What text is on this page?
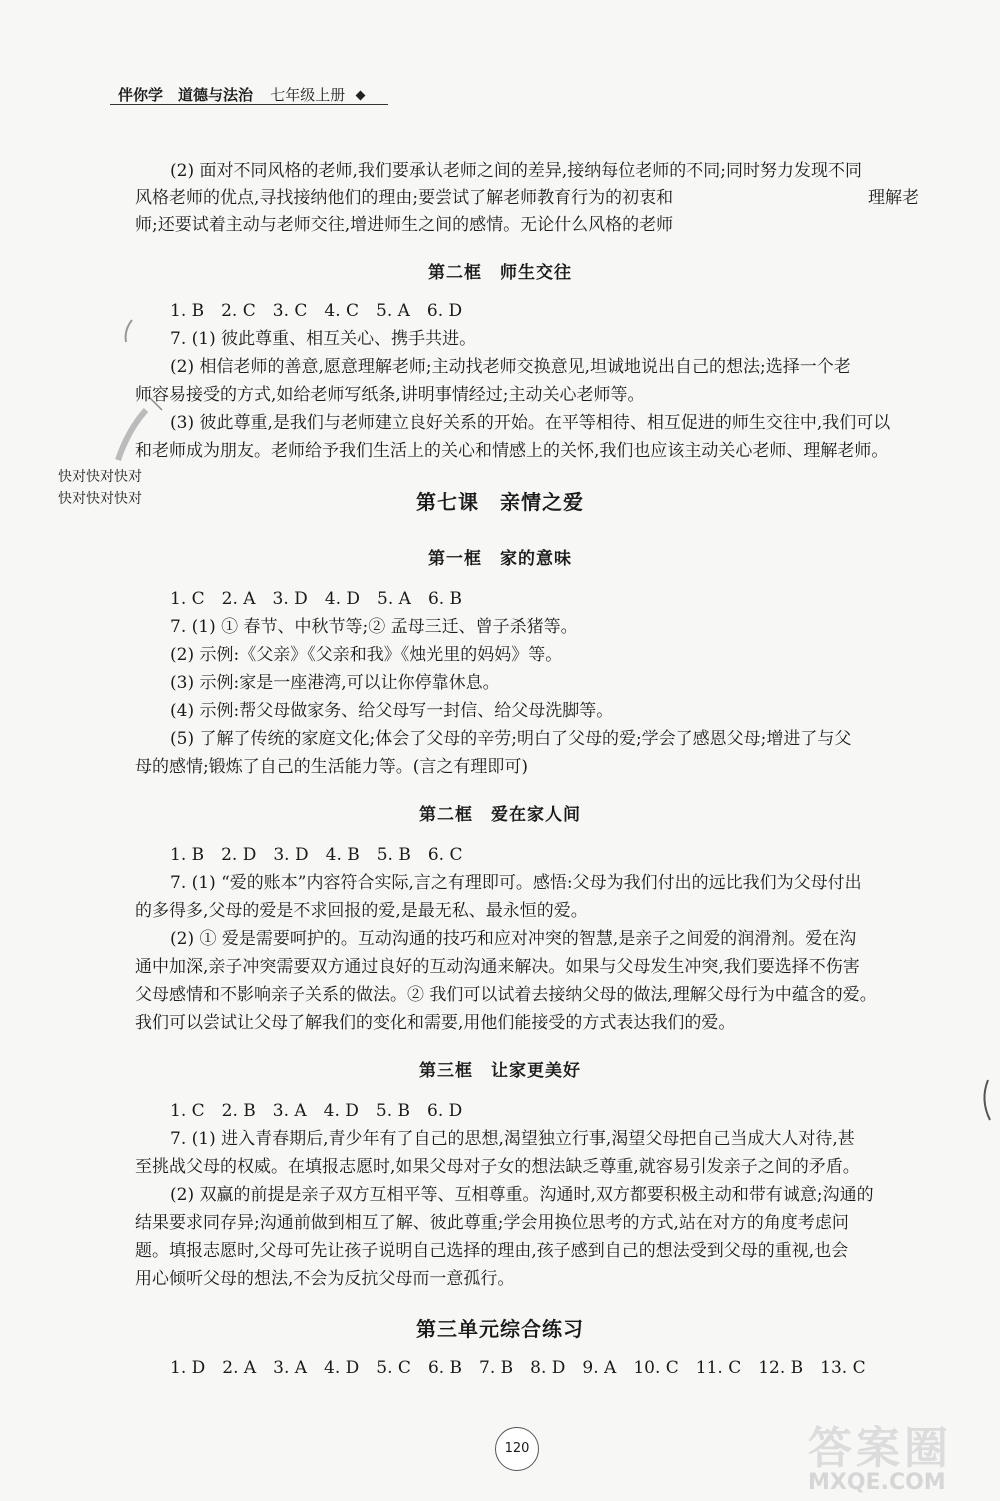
伴你学　道德与法治 七年级上册
快对快对快对
快对快对快对
(2) 面对不同风格的老师,我们要承认老师之间的差异,接纳每位老师的不同;同时努力发现不同
风格老师的优点,寻找接纳他们的理由;要尝试了解老师教育行为的初衷和
师;还要试着主动与老师交往,增进师生之间的感情。无论什么风格的老师
1. B　2. C　3. C　4. C　5. A　6. D
7. (1) 彼此尊重、相互关心、携手共进。
(2) 相信老师的善意,愿意理解老师;主动找老师交换意见,坦诚地说出自己的想法;选择一个老
师容易接受的方式,如给老师写纸条,讲明事情经过;主动关心老师等。
(3) 彼此尊重,是我们与老师建立良好关系的开始。在平等相待、相互促进的师生交往中,我们可以
和老师成为朋友。老师给予我们生活上的关心和情感上的关怀,我们也应该主动关心老师、理解老师。
1. C　2. A　3. D　4. D　5. A　6. B
7. (1) ① 春节、中秋节等;② 孟母三迁、曾子杀猪等。
(2) 示例:《父亲》《父亲和我》《烛光里的妈妈》等。
(3) 示例:家是一座港湾,可以让你停靠休息。
(4) 示例:帮父母做家务、给父母写一封信、给父母洗脚等。
(5) 了解了传统的家庭文化;体会了父母的辛劳;明白了父母的爱;学会了感恩父母;增进了与父
母的感情;锻炼了自己的生活能力等。(言之有理即可)
1. B　2. D　3. D　4. B　5. B　6. C
7. (1) “爱的账本”内容符合实际,言之有理即可。感悟:父母为我们付出的远比我们为父母付出
的多得多,父母的爱是不求回报的爱,是最无私、最永恒的爱。
(2) ① 爱是需要呵护的。互动沟通的技巧和应对冲突的智慧,是亲子之间爱的润滑剂。爱在沟
通中加深,亲子冲突需要双方通过良好的互动沟通来解决。如果与父母发生冲突,我们要选择不伤害
父母感情和不影响亲子关系的做法。② 我们可以试着去接纳父母的做法,理解父母行为中蕴含的爱。
我们可以尝试让父母了解我们的变化和需要,用他们能接受的方式表达我们的爱。
1. C　2. B　3. A　4. D　5. B　6. D
7. (1) 进入青春期后,青少年有了自己的思想,渴望独立行事,渴望父母把自己当成大人对待,甚
至挑战父母的权威。在填报志愿时,如果父母对子女的想法缺乏尊重,就容易引发亲子之间的矛盾。
(2) 双赢的前提是亲子双方互相平等、互相尊重。沟通时,双方都要积极主动和带有诚意;沟通的
结果要求同存异;沟通前做到相互了解、彼此尊重;学会用换位思考的方式,站在对方的角度考虑问
题。填报志愿时,父母可先让孩子说明自己选择的理由,孩子感到自己的想法受到父母的重视,也会
用心倾听父母的想法,不会为反抗父母而一意孤行。
1. D　2. A　3. A　4. D　5. C　6. B　7. B　8. D　9. A　10. C　11. C　12. B　13. C
第二框　师生交往
第七课　亲情之爱
第一框　家的意味
第二框　爱在家人间
第三框　让家更美好
第三单元综合练习
理解老
120	答案圈
MXQE.COM
